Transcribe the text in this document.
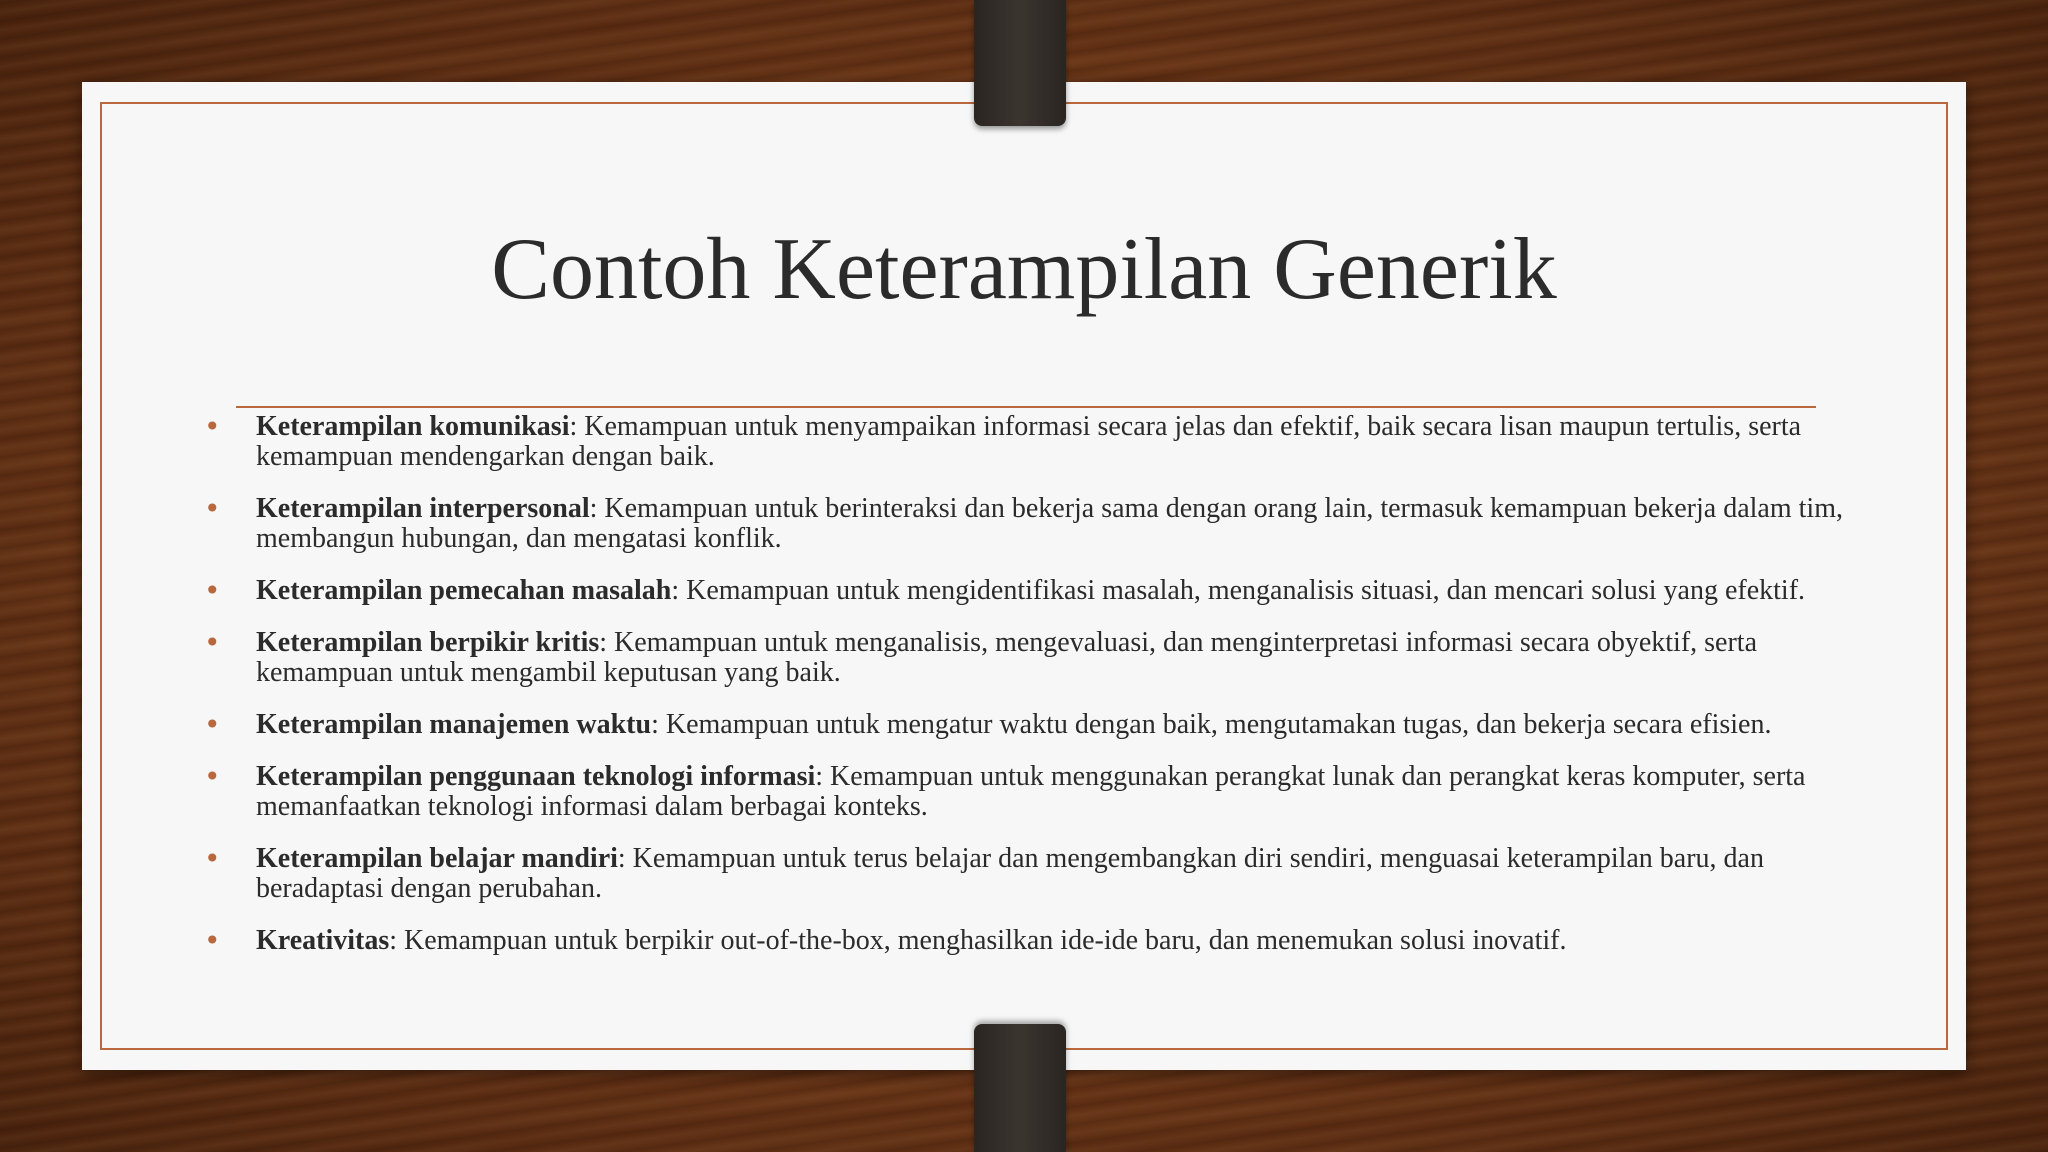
Contoh Keterampilan Generik
• Keterampilan komunikasi: Kemampuan untuk menyampaikan informasi secara jelas dan efektif, baik secara lisan maupun tertulis, serta kemampuan mendengarkan dengan baik.
• Keterampilan interpersonal: Kemampuan untuk berinteraksi dan bekerja sama dengan orang lain, termasuk kemampuan bekerja dalam tim, membangun hubungan, dan mengatasi konflik.
• Keterampilan pemecahan masalah: Kemampuan untuk mengidentifikasi masalah, menganalisis situasi, dan mencari solusi yang efektif.
• Keterampilan berpikir kritis: Kemampuan untuk menganalisis, mengevaluasi, dan menginterpretasi informasi secara obyektif, serta kemampuan untuk mengambil keputusan yang baik.
• Keterampilan manajemen waktu: Kemampuan untuk mengatur waktu dengan baik, mengutamakan tugas, dan bekerja secara efisien.
• Keterampilan penggunaan teknologi informasi: Kemampuan untuk menggunakan perangkat lunak dan perangkat keras komputer, serta memanfaatkan teknologi informasi dalam berbagai konteks.
• Keterampilan belajar mandiri: Kemampuan untuk terus belajar dan mengembangkan diri sendiri, menguasai keterampilan baru, dan beradaptasi dengan perubahan.
• Kreativitas: Kemampuan untuk berpikir out-of-the-box, menghasilkan ide-ide baru, dan menemukan solusi inovatif.
